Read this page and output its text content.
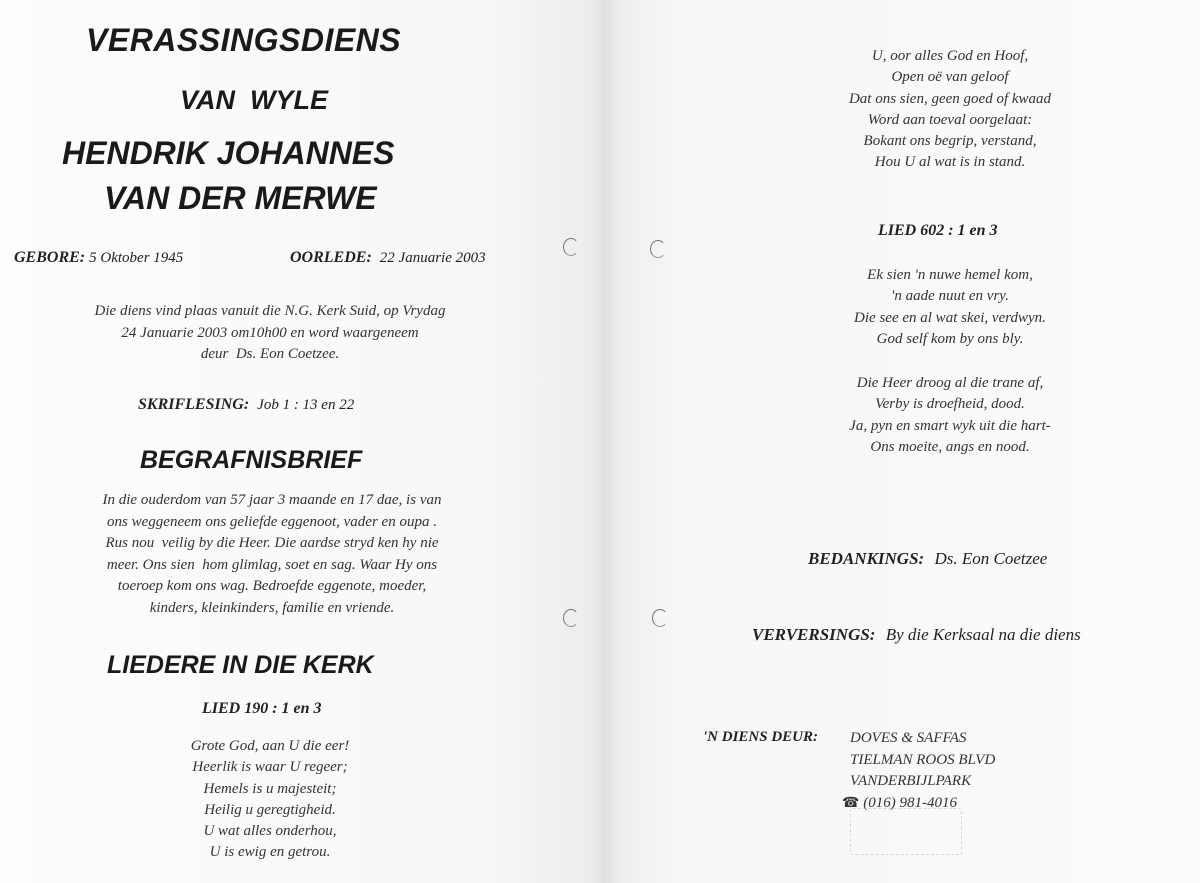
VERASSINGSDIENS
VAN  WYLE
HENDRIK JOHANNES
VAN DER MERWE
GEBORE: 5 Oktober 1945	OORLEDE: 22 Januarie 2003
Die diens vind plaas vanuit die N.G. Kerk Suid, op Vrydag
24 Januarie 2003 om10h00 en word waargeneem
deur  Ds. Eon Coetzee.
SKRIFLESING: Job 1 : 13 en 22
BEGRAFNISBRIEF
In die ouderdom van 57 jaar 3 maande en 17 dae, is van
ons weggeneem ons geliefde eggenoot, vader en oupa .
Rus nou  veilig by die Heer. Die aardse stryd ken hy nie
meer. Ons sien  hom glimlag, soet en sag. Waar Hy ons
toeroep kom ons wag. Bedroefde eggenote, moeder,
kinders, kleinkinders, familie en vriende.
LIEDERE IN DIE KERK
LIED 190 : 1 en 3
Grote God, aan U die eer!
Heerlik is waar U regeer;
Hemels is u majesteit;
Heilig u geregtigheid.
U wat alles onderhou,
U is ewig en getrou.
U, oor alles God en Hoof,
Open oë van geloof
Dat ons sien, geen goed of kwaad
Word aan toeval oorgelaat:
Bokant ons begrip, verstand,
Hou U al wat is in stand.
LIED 602 : 1 en 3
Ek sien 'n nuwe hemel kom,
'n aade nuut en vry.
Die see en al wat skei, verdwyn.
God self kom by ons bly.
Die Heer droog al die trane af,
Verby is droefheid, dood.
Ja, pyn en smart wyk uit die hart-
Ons moeite, angs en nood.
BEDANKINGS: Ds. Eon Coetzee
VERVERSINGS: By die Kerksaal na die diens
'N DIENS DEUR: DOVES & SAFFAS
TIELMAN ROOS BLVD
VANDERBIJLPARK
☎ (016) 981-4016
